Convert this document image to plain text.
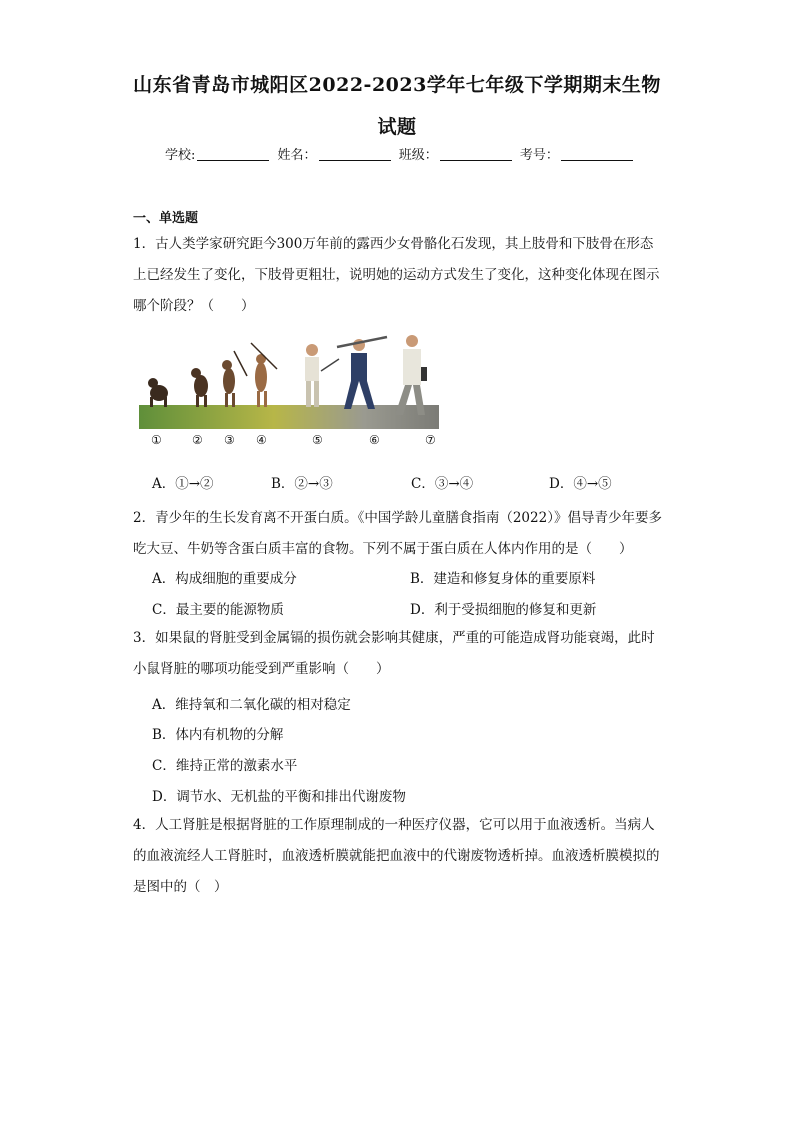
山东省青岛市城阳区2022-2023学年七年级下学期期末生物
试题
学校:	姓名：	班级：	考号：
一、单选题
1．古人类学家研究距今300万年前的露西少女骨骼化石发现，其上肢骨和下肢骨在形态上已经发生了变化，下肢骨更粗壮，说明她的运动方式发生了变化，这种变化体现在图示哪个阶段？（　　）
①	② ③ ④	⑤	⑥	⑦
A．①→②	B．②→③	C．③→④	D．④→⑤
2．青少年的生长发育离不开蛋白质。《中国学龄儿童膳食指南（2022）》倡导青少年要多吃大豆、牛奶等含蛋白质丰富的食物。下列不属于蛋白质在人体内作用的是（　　）
A．构成细胞的重要成分	B．建造和修复身体的重要原料
C．最主要的能源物质	D．利于受损细胞的修复和更新
3．如果鼠的肾脏受到金属镉的损伤就会影响其健康，严重的可能造成肾功能衰竭，此时小鼠肾脏的哪项功能受到严重影响（　　）
A．维持氧和二氧化碳的相对稳定
B．体内有机物的分解
C．维持正常的激素水平
D．调节水、无机盐的平衡和排出代谢废物
4．人工肾脏是根据肾脏的工作原理制成的一种医疗仪器，它可以用于血液透析。当病人的血液流经人工肾脏时，血液透析膜就能把血液中的代谢废物透析掉。血液透析膜模拟的是图中的（　）
